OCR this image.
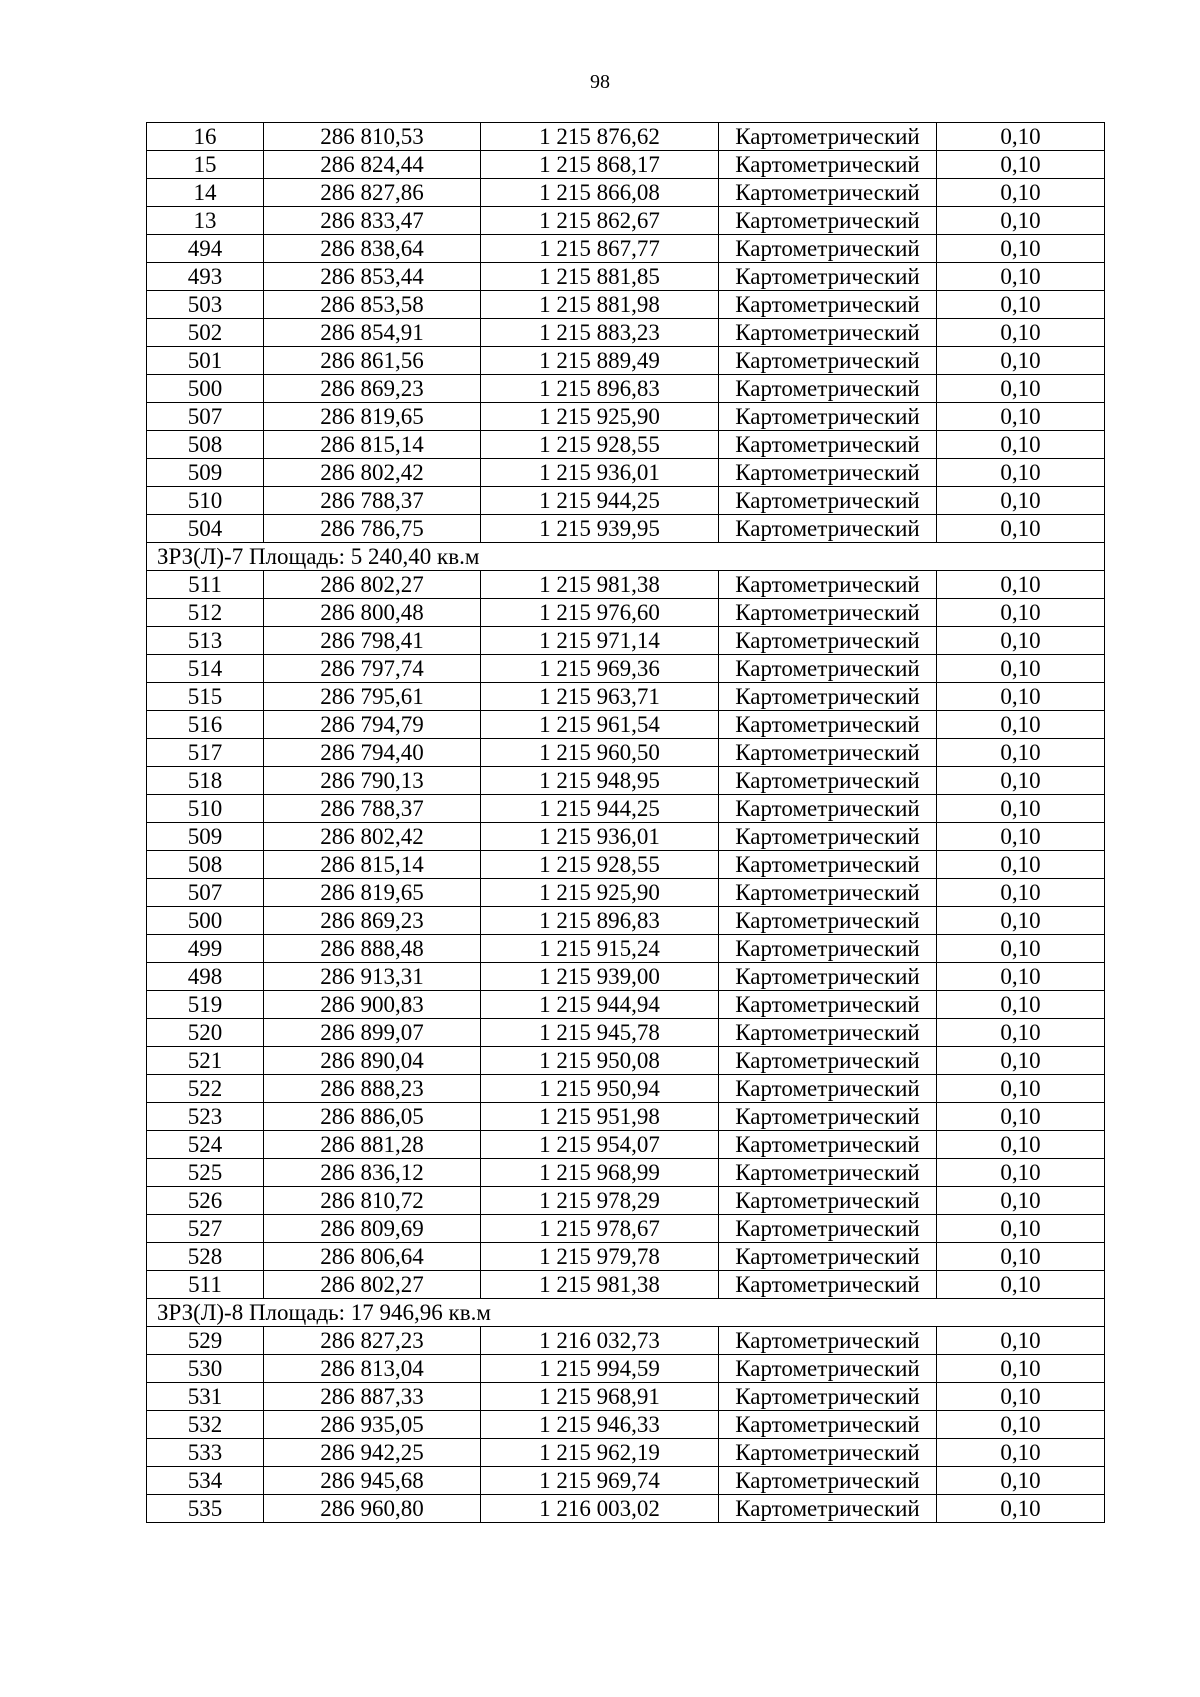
98
16	286 810,53	1 215 876,62	Картометрический	0,10
15	286 824,44	1 215 868,17	Картометрический	0,10
14	286 827,86	1 215 866,08	Картометрический	0,10
13	286 833,47	1 215 862,67	Картометрический	0,10
494	286 838,64	1 215 867,77	Картометрический	0,10
493	286 853,44	1 215 881,85	Картометрический	0,10
503	286 853,58	1 215 881,98	Картометрический	0,10
502	286 854,91	1 215 883,23	Картометрический	0,10
501	286 861,56	1 215 889,49	Картометрический	0,10
500	286 869,23	1 215 896,83	Картометрический	0,10
507	286 819,65	1 215 925,90	Картометрический	0,10
508	286 815,14	1 215 928,55	Картометрический	0,10
509	286 802,42	1 215 936,01	Картометрический	0,10
510	286 788,37	1 215 944,25	Картометрический	0,10
504	286 786,75	1 215 939,95	Картометрический	0,10
ЗРЗ(Л)-7 Площадь: 5 240,40 кв.м				
511	286 802,27	1 215 981,38	Картометрический	0,10
512	286 800,48	1 215 976,60	Картометрический	0,10
513	286 798,41	1 215 971,14	Картометрический	0,10
514	286 797,74	1 215 969,36	Картометрический	0,10
515	286 795,61	1 215 963,71	Картометрический	0,10
516	286 794,79	1 215 961,54	Картометрический	0,10
517	286 794,40	1 215 960,50	Картометрический	0,10
518	286 790,13	1 215 948,95	Картометрический	0,10
510	286 788,37	1 215 944,25	Картометрический	0,10
509	286 802,42	1 215 936,01	Картометрический	0,10
508	286 815,14	1 215 928,55	Картометрический	0,10
507	286 819,65	1 215 925,90	Картометрический	0,10
500	286 869,23	1 215 896,83	Картометрический	0,10
499	286 888,48	1 215 915,24	Картометрический	0,10
498	286 913,31	1 215 939,00	Картометрический	0,10
519	286 900,83	1 215 944,94	Картометрический	0,10
520	286 899,07	1 215 945,78	Картометрический	0,10
521	286 890,04	1 215 950,08	Картометрический	0,10
522	286 888,23	1 215 950,94	Картометрический	0,10
523	286 886,05	1 215 951,98	Картометрический	0,10
524	286 881,28	1 215 954,07	Картометрический	0,10
525	286 836,12	1 215 968,99	Картометрический	0,10
526	286 810,72	1 215 978,29	Картометрический	0,10
527	286 809,69	1 215 978,67	Картометрический	0,10
528	286 806,64	1 215 979,78	Картометрический	0,10
511	286 802,27	1 215 981,38	Картометрический	0,10
ЗРЗ(Л)-8 Площадь: 17 946,96 кв.м				
529	286 827,23	1 216 032,73	Картометрический	0,10
530	286 813,04	1 215 994,59	Картометрический	0,10
531	286 887,33	1 215 968,91	Картометрический	0,10
532	286 935,05	1 215 946,33	Картометрический	0,10
533	286 942,25	1 215 962,19	Картометрический	0,10
534	286 945,68	1 215 969,74	Картометрический	0,10
535	286 960,80	1 216 003,02	Картометрический	0,10
